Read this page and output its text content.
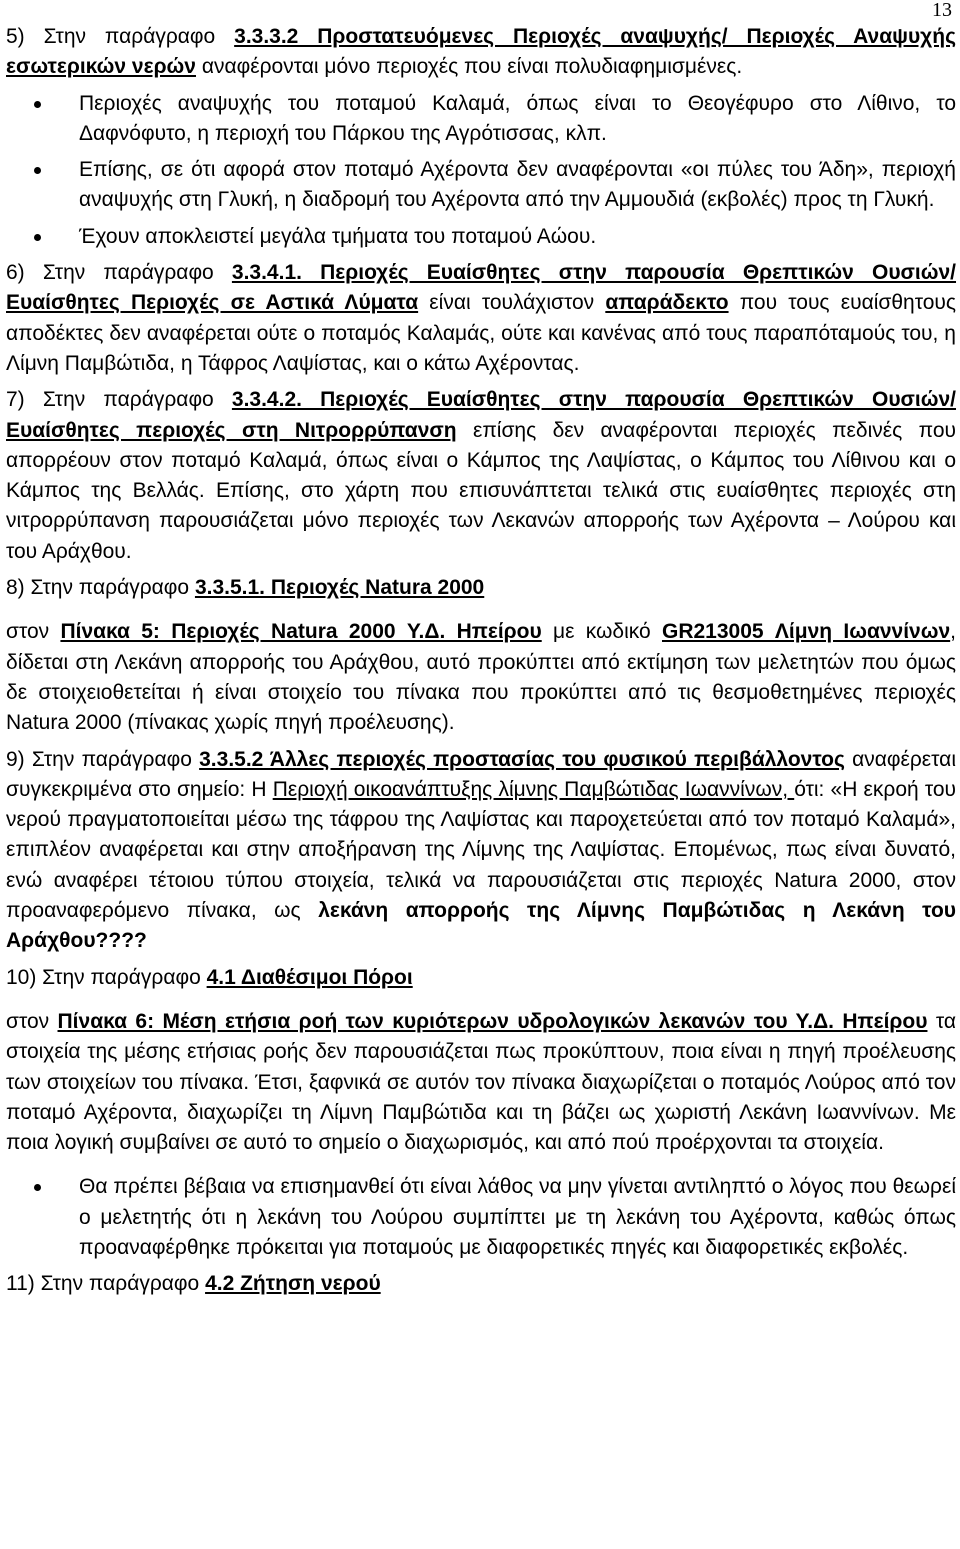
13

5) Στην παράγραφο 3.3.3.2 Προστατευόμενες Περιοχές αναψυχής/ Περιοχές Αναψυχής εσωτερικών νερών αναφέρονται μόνο περιοχές που είναι πολυδιαφημισμένες.

Περιοχές αναψυχής του ποταμού Καλαμά, όπως είναι το Θεογέφυρο στο Λίθινο, το Δαφνόφυτο, η περιοχή του Πάρκου της Αγρότισσας, κλπ.
Επίσης, σε ότι αφορά στον ποταμό Αχέροντα δεν αναφέρονται «οι πύλες του Άδη», περιοχή αναψυχής στη Γλυκή, η διαδρομή του Αχέροντα από την Αμμουδιά (εκβολές) προς τη Γλυκή.
Έχουν αποκλειστεί μεγάλα τμήματα του ποταμού Αώου.

6) Στην παράγραφο 3.3.4.1. Περιοχές Ευαίσθητες στην παρουσία Θρεπτικών Ουσιών/ Ευαίσθητες Περιοχές σε Αστικά Λύματα είναι τουλάχιστον απαράδεκτο που τους ευαίσθητους αποδέκτες δεν αναφέρεται ούτε ο ποταμός Καλαμάς, ούτε και κανένας από τους παραπόταμούς του, η Λίμνη Παμβώτιδα, η Τάφρος Λαψίστας, και ο κάτω Αχέροντας.

7) Στην παράγραφο 3.3.4.2. Περιοχές Ευαίσθητες στην παρουσία Θρεπτικών Ουσιών/ Ευαίσθητες περιοχές στη Νιτρορρύπανση επίσης δεν αναφέρονται περιοχές πεδινές που απορρέουν στον ποταμό Καλαμά, όπως είναι ο Κάμπος της Λαψίστας, ο Κάμπος του Λίθινου και ο Κάμπος της Βελλάς. Επίσης, στο χάρτη που επισυνάπτεται τελικά στις ευαίσθητες περιοχές στη νιτρορρύπανση παρουσιάζεται μόνο περιοχές των Λεκανών απορροής των Αχέροντα – Λούρου και του Αράχθου.

8) Στην παράγραφο 3.3.5.1. Περιοχές Natura 2000

στον Πίνακα 5: Περιοχές Natura 2000 Υ.Δ. Ηπείρου με κωδικό GR213005 Λίμνη Ιωαννίνων, δίδεται στη Λεκάνη απορροής του Αράχθου, αυτό προκύπτει από εκτίμηση των μελετητών που όμως δε στοιχειοθετείται ή είναι στοιχείο του πίνακα που προκύπτει από τις θεσμοθετημένες περιοχές Natura 2000 (πίνακας χωρίς πηγή προέλευσης).

9) Στην παράγραφο 3.3.5.2 Άλλες περιοχές προστασίας του φυσικού περιβάλλοντος αναφέρεται συγκεκριμένα στο σημείο: Η Περιοχή οικοανάπτυξης λίμνης Παμβώτιδας Ιωαννίνων, ότι: «Η εκροή του νερού πραγματοποιείται μέσω της τάφρου της Λαψίστας και παροχετεύεται από τον ποταμό Καλαμά», επιπλέον αναφέρεται και στην αποξήρανση της Λίμνης της Λαψίστας. Επομένως, πως είναι δυνατό, ενώ αναφέρει τέτοιου τύπου στοιχεία, τελικά να παρουσιάζεται στις περιοχές Natura 2000, στον προαναφερόμενο πίνακα, ως λεκάνη απορροής της Λίμνης Παμβώτιδας η Λεκάνη του Αράχθου????

10) Στην παράγραφο 4.1 Διαθέσιμοι Πόροι

στον Πίνακα 6: Μέση ετήσια ροή των κυριότερων υδρολογικών λεκανών του Υ.Δ. Ηπείρου τα στοιχεία της μέσης ετήσιας ροής δεν παρουσιάζεται πως προκύπτουν, ποια είναι η πηγή προέλευσης των στοιχείων του πίνακα. Έτσι, ξαφνικά σε αυτόν τον πίνακα διαχωρίζεται ο ποταμός Λούρος από τον ποταμό Αχέροντα, διαχωρίζει τη Λίμνη Παμβώτιδα και τη βάζει ως χωριστή Λεκάνη Ιωαννίνων. Με ποια λογική συμβαίνει σε αυτό το σημείο ο διαχωρισμός, και από πού προέρχονται τα στοιχεία.

Θα πρέπει βέβαια να επισημανθεί ότι είναι λάθος να μην γίνεται αντιληπτό ο λόγος που θεωρεί ο μελετητής ότι η λεκάνη του Λούρου συμπίπτει με τη λεκάνη του Αχέροντα, καθώς όπως προαναφέρθηκε πρόκειται για ποταμούς με διαφορετικές πηγές και διαφορετικές εκβολές.

11) Στην παράγραφο 4.2 Ζήτηση νερού
